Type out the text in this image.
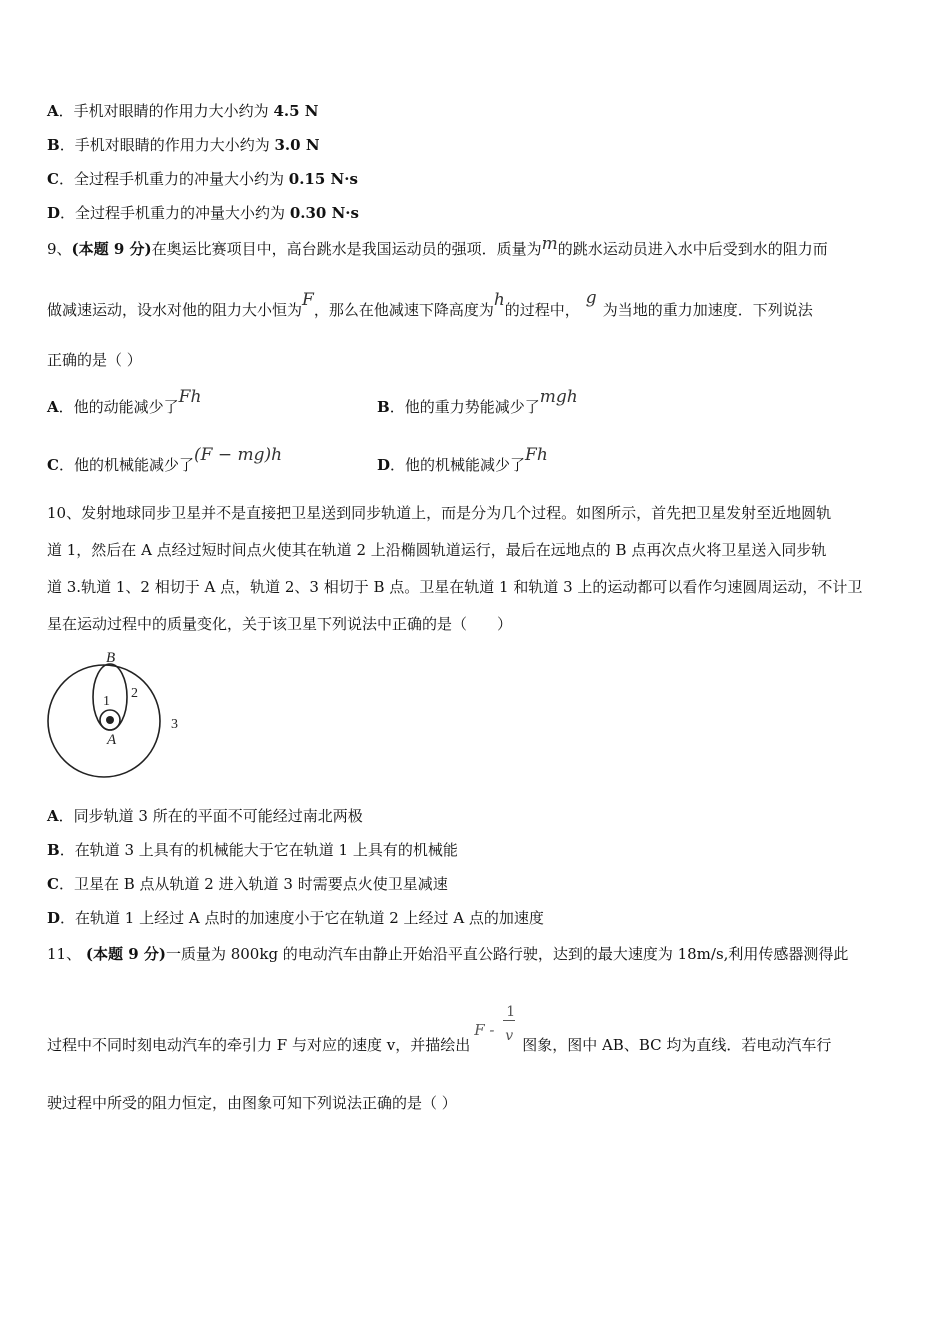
A．手机对眼睛的作用力大小约为 4.5 N
B．手机对眼睛的作用力大小约为 3.0 N
C．全过程手机重力的冲量大小约为 0.15 N·s
D．全过程手机重力的冲量大小约为 0.30 N·s
9、(本题 9 分)在奥运比赛项目中，高台跳水是我国运动员的强项．质量为m的跳水运动员进入水中后受到水的阻力而
做减速运动，设水对他的阻力大小恒为F，那么在他减速下降高度为h的过程中，g为当地的重力加速度．下列说法
正确的是（ ）
A．他的动能减少了Fh	B．他的重力势能减少了mgh
C．他的机械能减少了(F − mg)h	D．他的机械能减少了Fh
10、发射地球同步卫星并不是直接把卫星送到同步轨道上，而是分为几个过程。如图所示，首先把卫星发射至近地圆轨
道 1，然后在 A 点经过短时间点火使其在轨道 2 上沿椭圆轨道运行，最后在远地点的 B 点再次点火将卫星送入同步轨
道 3.轨道 1、2 相切于 A 点，轨道 2、3 相切于 B 点。卫星在轨道 1 和轨道 3 上的运动都可以看作匀速圆周运动，不计卫
星在运动过程中的质量变化，关于该卫星下列说法中正确的是（　　）
B
A
1
2
3
A．同步轨道 3 所在的平面不可能经过南北两极
B．在轨道 3 上具有的机械能大于它在轨道 1 上具有的机械能
C．卫星在 B 点从轨道 2 进入轨道 3 时需要点火使卫星减速
D．在轨道 1 上经过 A 点时的加速度小于它在轨道 2 上经过 A 点的加速度
11、 (本题 9 分)一质量为 800kg 的电动汽车由静止开始沿平直公路行驶，达到的最大速度为 18m/s,利用传感器测得此
过程中不同时刻电动汽车的牵引力 F 与对应的速度 v，并描绘出
F -
1
v 图象，图中 AB、BC 均为直线．若电动汽车行
驶过程中所受的阻力恒定，由图象可知下列说法正确的是（ ）
